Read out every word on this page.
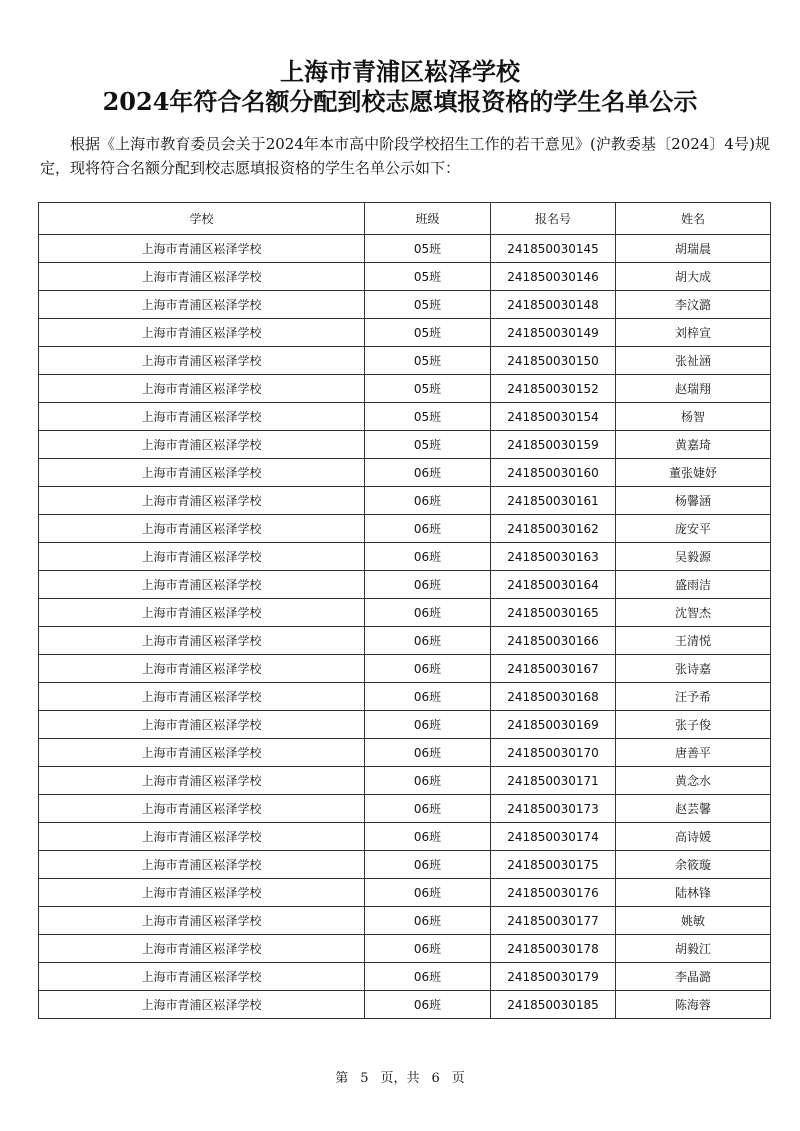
上海市青浦区崧泽学校
2024年符合名额分配到校志愿填报资格的学生名单公示
根据《上海市教育委员会关于2024年本市高中阶段学校招生工作的若干意见》(沪教委基〔2024〕4号)规定，现将符合名额分配到校志愿填报资格的学生名单公示如下：
学校	班级	报名号	姓名
上海市青浦区崧泽学校	05班	241850030145	胡瑞晨
上海市青浦区崧泽学校	05班	241850030146	胡大成
上海市青浦区崧泽学校	05班	241850030148	李汶潞
上海市青浦区崧泽学校	05班	241850030149	刘梓宣
上海市青浦区崧泽学校	05班	241850030150	张祉涵
上海市青浦区崧泽学校	05班	241850030152	赵瑞翔
上海市青浦区崧泽学校	05班	241850030154	杨智
上海市青浦区崧泽学校	05班	241850030159	黄嘉琦
上海市青浦区崧泽学校	06班	241850030160	董张婕妤
上海市青浦区崧泽学校	06班	241850030161	杨馨涵
上海市青浦区崧泽学校	06班	241850030162	庞安平
上海市青浦区崧泽学校	06班	241850030163	吴毅源
上海市青浦区崧泽学校	06班	241850030164	盛雨洁
上海市青浦区崧泽学校	06班	241850030165	沈智杰
上海市青浦区崧泽学校	06班	241850030166	王清悦
上海市青浦区崧泽学校	06班	241850030167	张诗嘉
上海市青浦区崧泽学校	06班	241850030168	汪予希
上海市青浦区崧泽学校	06班	241850030169	张子俊
上海市青浦区崧泽学校	06班	241850030170	唐善平
上海市青浦区崧泽学校	06班	241850030171	黄念水
上海市青浦区崧泽学校	06班	241850030173	赵芸馨
上海市青浦区崧泽学校	06班	241850030174	高诗媛
上海市青浦区崧泽学校	06班	241850030175	余筱璇
上海市青浦区崧泽学校	06班	241850030176	陆林锋
上海市青浦区崧泽学校	06班	241850030177	姚敏
上海市青浦区崧泽学校	06班	241850030178	胡毅江
上海市青浦区崧泽学校	06班	241850030179	李晶潞
上海市青浦区崧泽学校	06班	241850030185	陈海蓉
第 5 页，共 6 页
